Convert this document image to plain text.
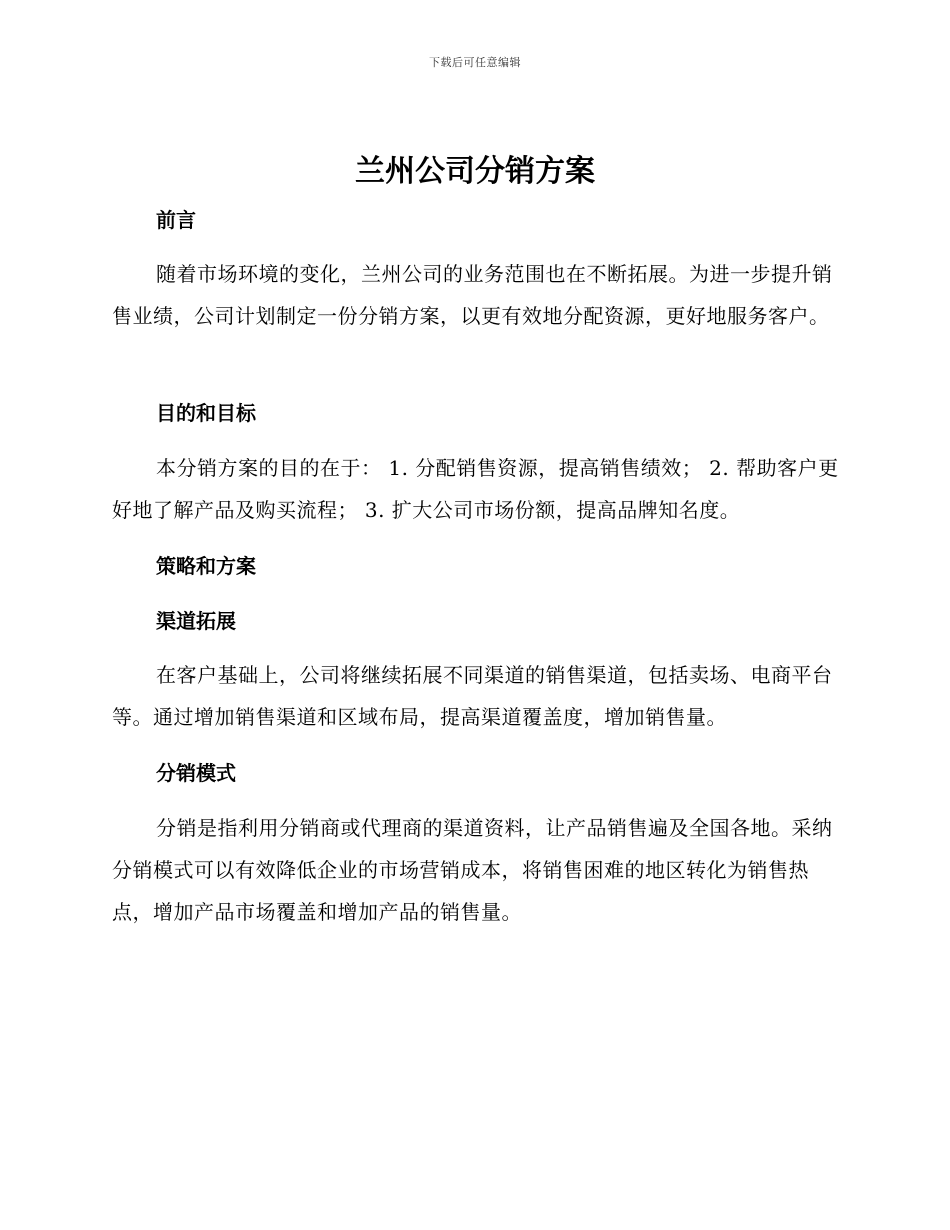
下载后可任意编辑
兰州公司分销方案
前言

随着市场环境的变化，兰州公司的业务范围也在不断拓展。为进一步提升销售业绩，公司计划制定一份分销方案，以更有效地分配资源，更好地服务客户。

目的和目标

本分销方案的目的在于： 1. 分配销售资源，提高销售绩效； 2. 帮助客户更好地了解产品及购买流程； 3. 扩大公司市场份额，提高品牌知名度。

策略和方案
渠道拓展

在客户基础上，公司将继续拓展不同渠道的销售渠道，包括卖场、电商平台等。通过增加销售渠道和区域布局，提高渠道覆盖度，增加销售量。

分销模式

分销是指利用分销商或代理商的渠道资料，让产品销售遍及全国各地。采纳分销模式可以有效降低企业的市场营销成本，将销售困难的地区转化为销售热点，增加产品市场覆盖和增加产品的销售量。
